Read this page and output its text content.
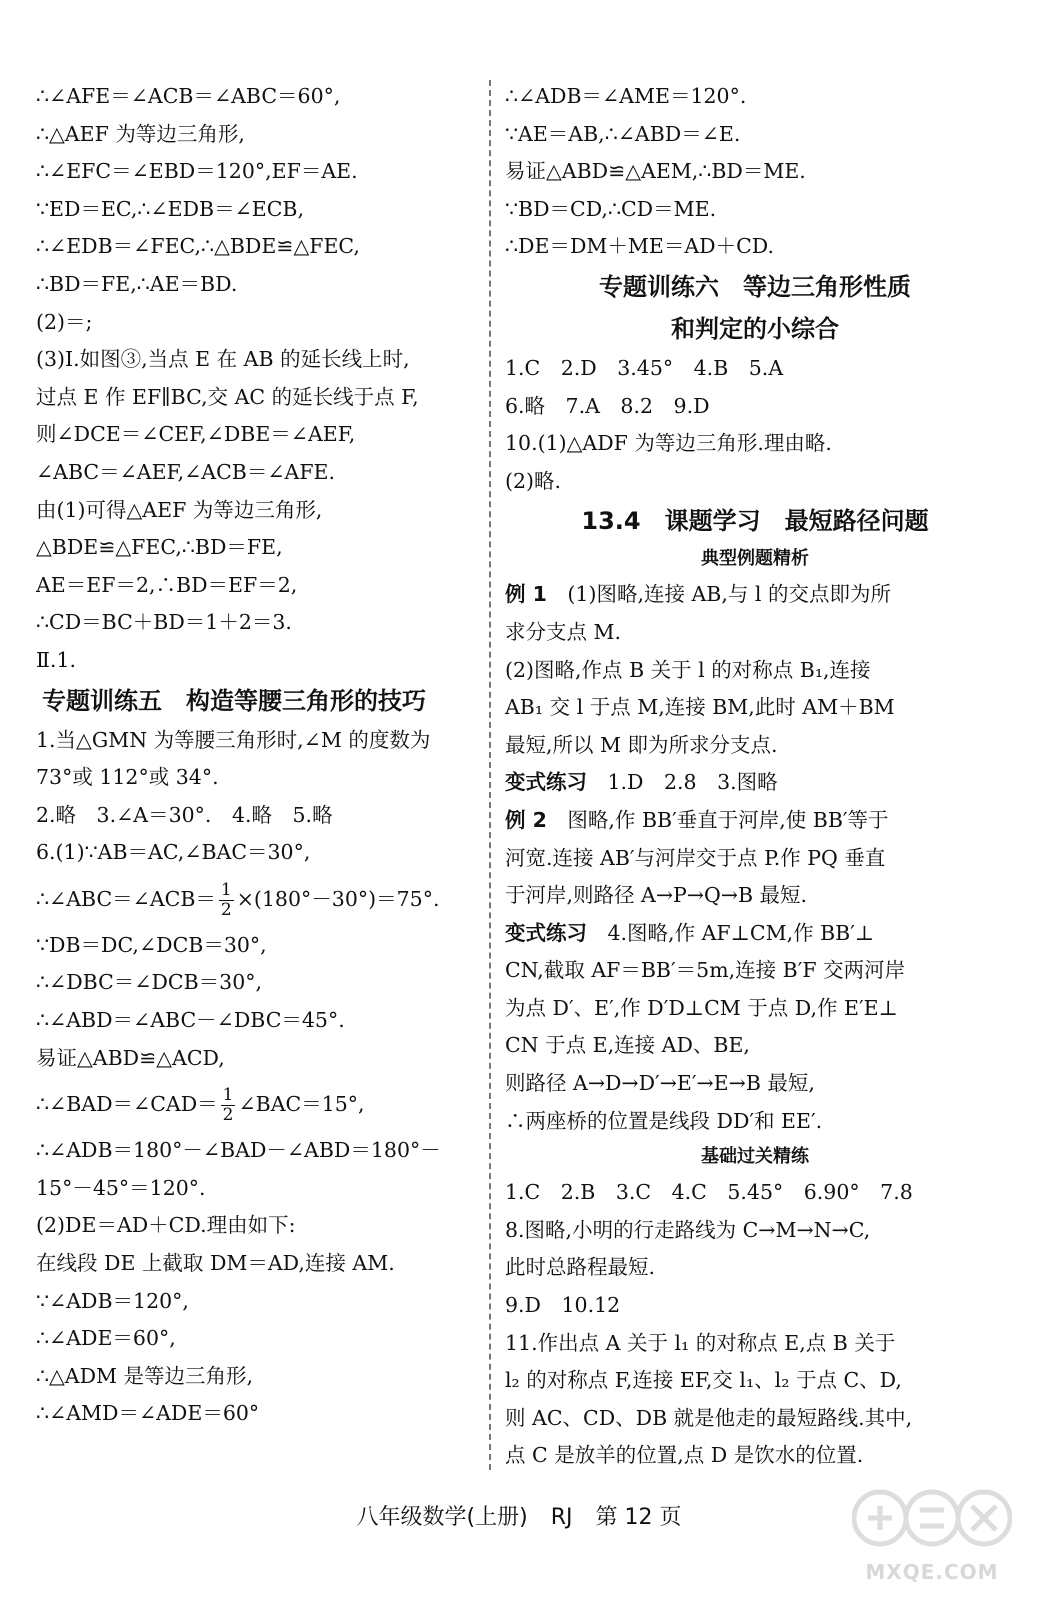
∴∠AFE＝∠ACB＝∠ABC＝60°,
∴△AEF 为等边三角形,
∴∠EFC＝∠EBD＝120°,EF＝AE.
∵ED＝EC,∴∠EDB＝∠ECB,
∴∠EDB＝∠FEC,∴△BDE≌△FEC,
∴BD＝FE,∴AE＝BD.
(2)＝;
(3)Ⅰ.如图③,当点 E 在 AB 的延长线上时,
过点 E 作 EF∥BC,交 AC 的延长线于点 F,
则∠DCE＝∠CEF,∠DBE＝∠AEF,
∠ABC＝∠AEF,∠ACB＝∠AFE.
由(1)可得△AEF 为等边三角形,
△BDE≌△FEC,∴BD＝FE,
AE＝EF＝2,∴BD＝EF＝2,
∴CD＝BC＋BD＝1＋2＝3.
Ⅱ.1.
专题训练五　构造等腰三角形的技巧
1.当△GMN 为等腰三角形时,∠M 的度数为
73°或 112°或 34°.
2.略　3.∠A＝30°.　4.略　5.略
6.(1)∵AB＝AC,∠BAC＝30°,
∴∠ABC＝∠ACB＝ $\frac{1}{2} \times(180^\circ-30^\circ)=75^\circ$.
∵DB＝DC,∠DCB＝30°,
∴∠DBC＝∠DCB＝30°,
∴∠ABD＝∠ABC－∠DBC＝45°.
易证△ABD≌△ACD,
∴∠BAD＝∠CAD＝ $\frac{1}{2}$ ∠BAC＝15°,
∴∠ADB＝180°－∠BAD－∠ABD＝180°－
15°－45°＝120°.
(2)DE＝AD＋CD.理由如下:
在线段 DE 上截取 DM＝AD,连接 AM.
∵∠ADB＝120°,
∴∠ADE＝60°,
∴△ADM 是等边三角形,
∴∠AMD＝∠ADE＝60°
∴∠ADB＝∠AME＝120°.
∵AE＝AB,∴∠ABD＝∠E.
易证△ABD≌△AEM,∴BD＝ME.
∵BD＝CD,∴CD＝ME.
∴DE＝DM＋ME＝AD＋CD.
专题训练六　等边三角形性质
和判定的小综合
1.C　2.D　3.45°　4.B　5.A
6.略　7.A　8.2　9.D
10.(1)△ADF 为等边三角形.理由略.
(2)略.
13.4　课题学习　最短路径问题
典型例题精析
例 1　(1)图略,连接 AB,与 l 的交点即为所
求分支点 M.
(2)图略,作点 B 关于 l 的对称点 B₁,连接
AB₁ 交 l 于点 M,连接 BM,此时 AM＋BM
最短,所以 M 即为所求分支点.
变式练习　1.D　2.8　3.图略
例 2　图略,作 BB′垂直于河岸,使 BB′等于
河宽.连接 AB′与河岸交于点 P.作 PQ 垂直
于河岸,则路径 A→P→Q→B 最短.
变式练习　4.图略,作 AF⊥CM,作 BB′⊥
CN,截取 AF＝BB′＝5m,连接 B′F 交两河岸
为点 D′、E′,作 D′D⊥CM 于点 D,作 E′E⊥
CN 于点 E,连接 AD、BE,
则路径 A→D→D′→E′→E→B 最短,
∴两座桥的位置是线段 DD′和 EE′.
基础过关精练
1.C　2.B　3.C　4.C　5.45°　6.90°　7.8
8.图略,小明的行走路线为 C→M→N→C,
此时总路程最短.
9.D　10.12
11.作出点 A 关于 l₁ 的对称点 E,点 B 关于
l₂ 的对称点 F,连接 EF,交 l₁、l₂ 于点 C、D,
则 AC、CD、DB 就是他走的最短路线.其中,
点 C 是放羊的位置,点 D 是饮水的位置.
八年级数学(上册) RJ 第 12 页
MXQE.COM
